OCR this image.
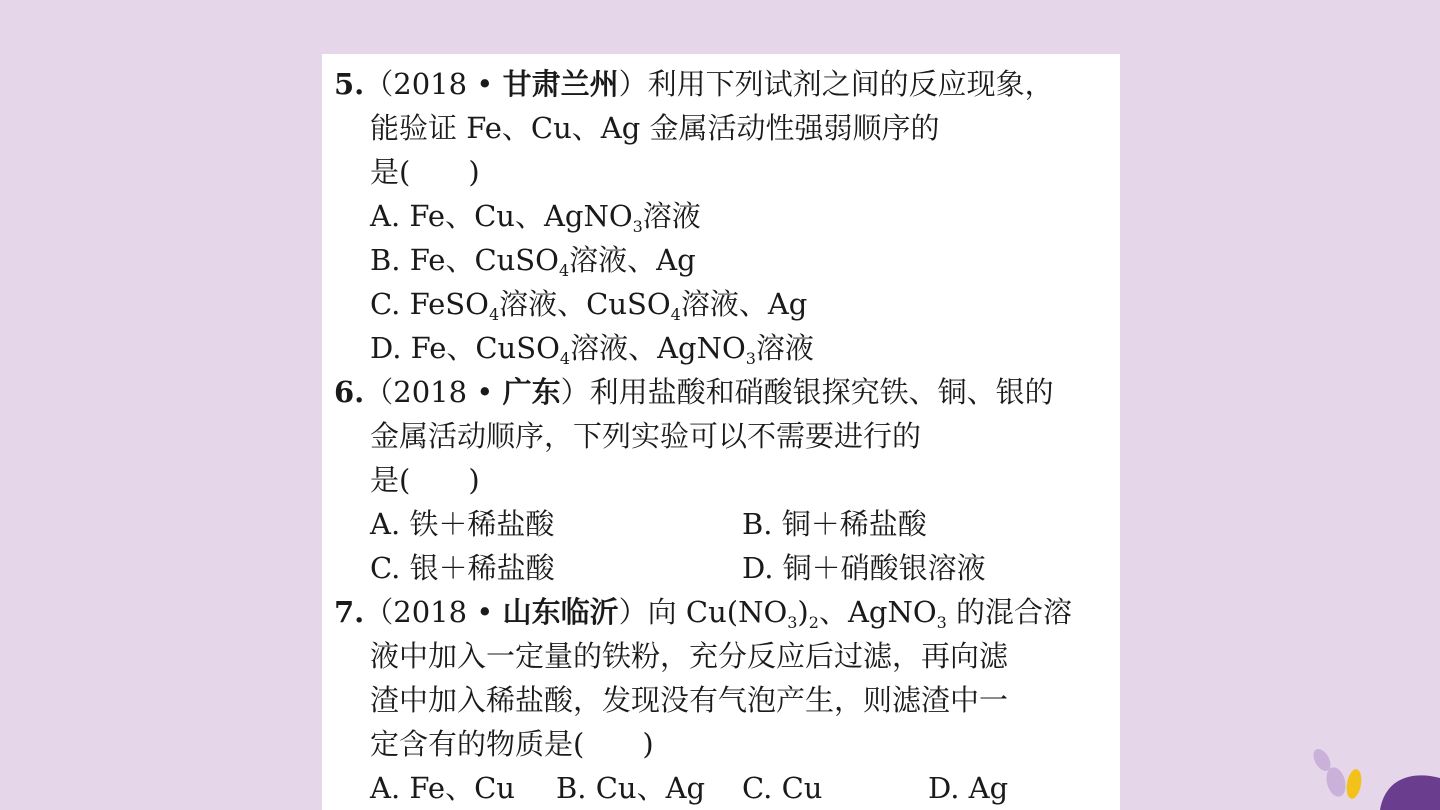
5.（2018 • 甘肃兰州）利用下列试剂之间的反应现象，
能验证 Fe、Cu、Ag 金属活动性强弱顺序的
是(　　)
A. Fe、Cu、AgNO$_3$溶液
B. Fe、CuSO$_4$溶液、Ag
C. FeSO$_4$溶液、CuSO$_4$溶液、Ag
D. Fe、CuSO$_4$溶液、AgNO$_3$溶液
6.（2018 • 广东）利用盐酸和硝酸银探究铁、铜、银的
金属活动顺序，下列实验可以不需要进行的
是(　　)
A. 铁＋稀盐酸	B. 铜＋稀盐酸
C. 银＋稀盐酸	D. 铜＋硝酸银溶液
7.（2018 • 山东临沂）向 $Cu(NO_3)_2$、AgNO$_3$ 的混合溶
液中加入一定量的铁粉，充分反应后过滤，再向滤
渣中加入稀盐酸，发现没有气泡产生，则滤渣中一
定含有的物质是(　　)
A. Fe、Cu B. Cu、Ag C. Cu	D. Ag
